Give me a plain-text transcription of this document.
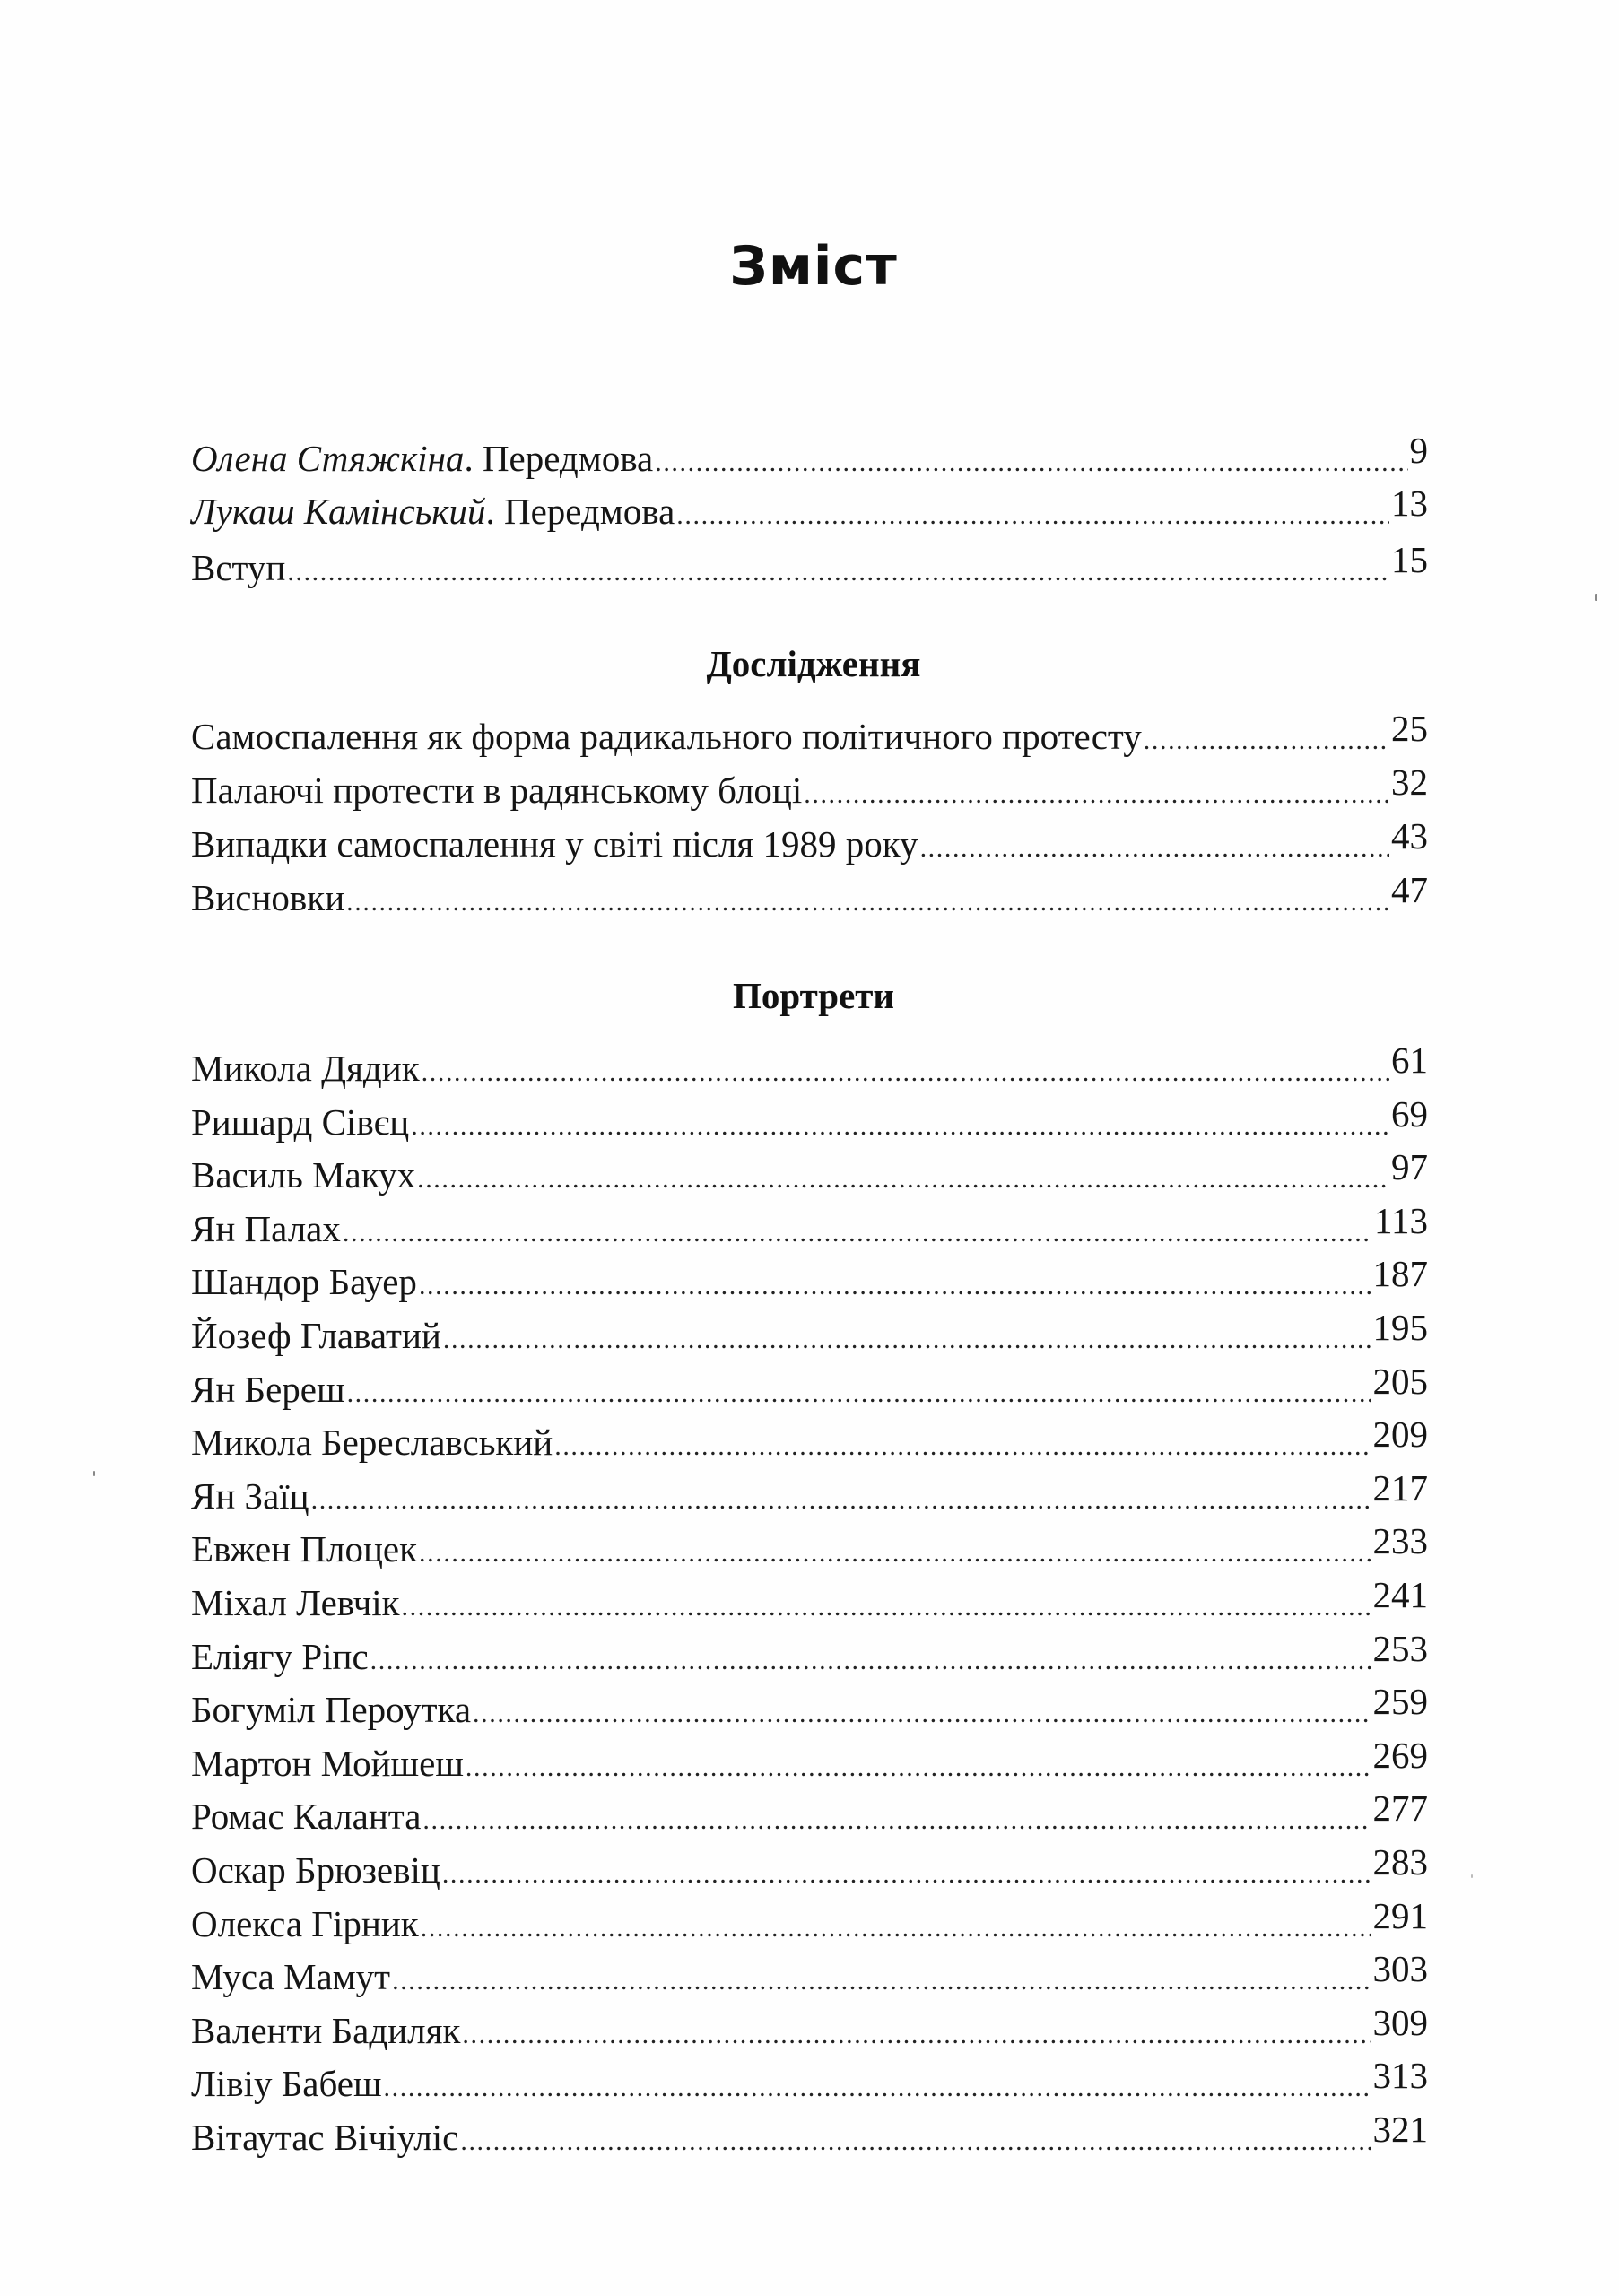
Зміст
Олена Стяжкіна. Передмова .....	9
Лукаш Камінський. Передмова .....	13
Вступ .....	15
Дослідження
Самоспалення як форма радикального політичного протесту .....	25
Палаючі протести в радянському блоці .....	32
Випадки самоспалення у світі після 1989 року .....	43
Висновки .....	47
Портрети
Микола Дядик .....	61
Ришард Сівєц .....	69
Василь Макух .....	97
Ян Палах .....	113
Шандор Бауер .....	187
Йозеф Главатий .....	195
Ян Береш .....	205
Микола Береславський .....	209
Ян Заїц .....	217
Евжен Плоцек .....	233
Міхал Левчік .....	241
Еліягу Ріпс .....	253
Богуміл Пероутка .....	259
Мартон Мойшеш .....	269
Ромас Каланта .....	277
Оскар Брюзевіц .....	283
Олекса Гірник .....	291
Муса Мамут .....	303
Валенти Бадиляк .....	309
Лівіу Бабеш .....	313
Вітаутас Вічіуліс .....	321
